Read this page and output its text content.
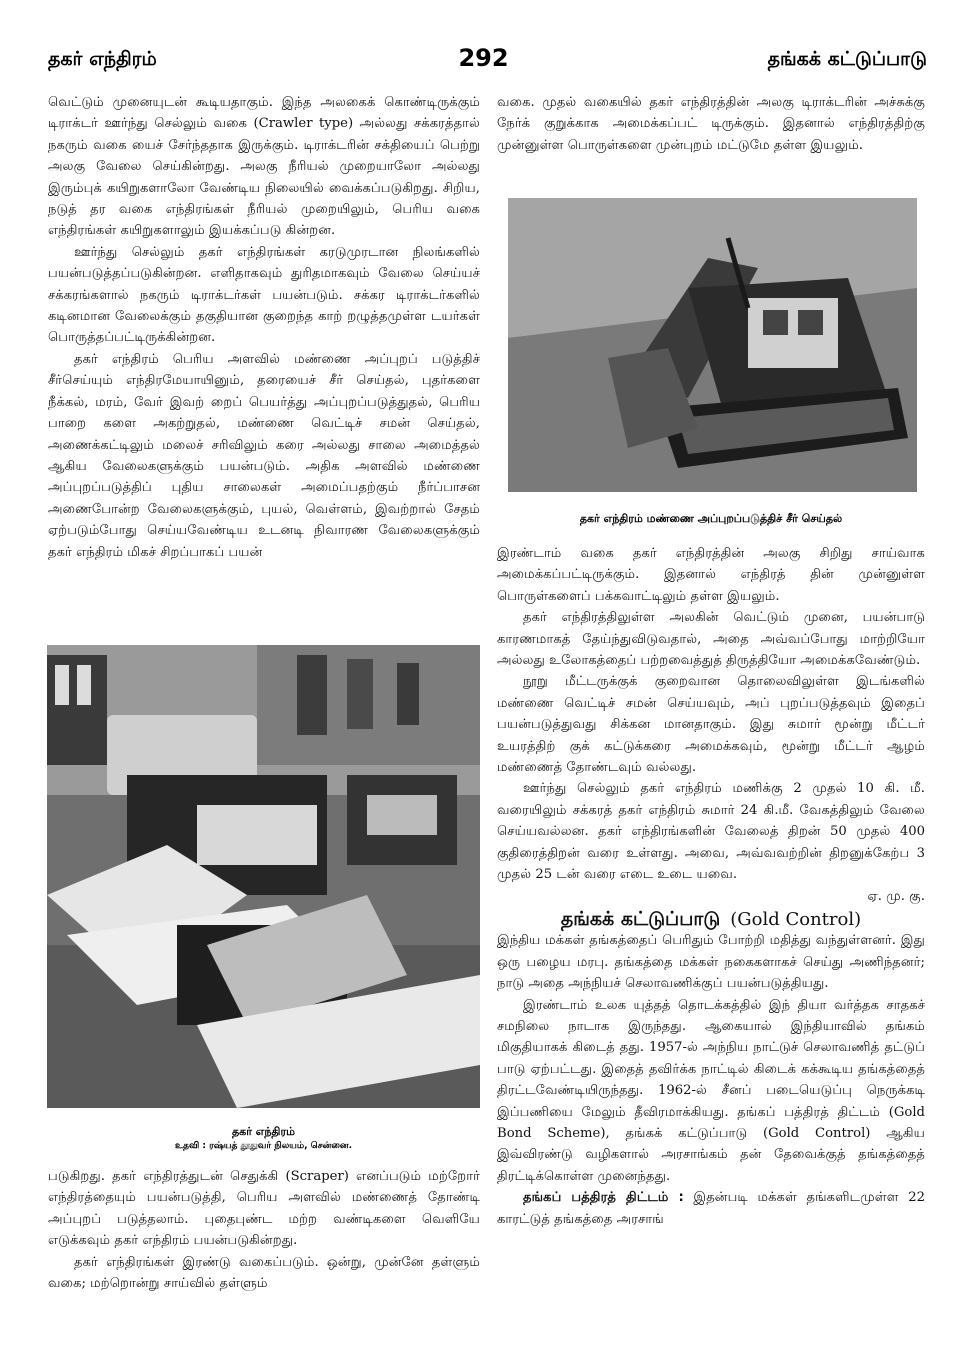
தகர் எந்திரம்	292	தங்கக் கட்டுப்பாடு

வெட்டும் முனையுடன் கூடியதாகும். இந்த அலகைக் கொண்டிருக்கும் டிராக்டர் ஊர்ந்து செல்லும் வகை (Crawler type) அல்லது சக்கரத்தால் நகரும் வகை யைச் சேர்ந்ததாக இருக்கும். டிராக்டரின் சக்தியைப் பெற்று அலகு வேலை செய்கின்றது. அலகு நீரியல் முறையாலோ அல்லது இரும்புக் கயிறுகளாலோ வேண்டிய நிலையில் வைக்கப்படுகிறது. சிறிய, நடுத் தர வகை எந்திரங்கள் நீரியல் முறையிலும், பெரிய வகை எந்திரங்கள் கயிறுகளாலும் இயக்கப்படு கின்றன.

ஊர்ந்து செல்லும் தகர் எந்திரங்கள் கரடுமுரடான நிலங்களில் பயன்படுத்தப்படுகின்றன. எளிதாகவும் துரிதமாகவும் வேலை செய்யச் சக்கரங்களால் நகரும் டிராக்டர்கள் பயன்படும். சக்கர டிராக்டர்களில் கடினமான வேலைக்கும் தகுதியான குறைந்த காற் றழுத்தமுள்ள டயர்கள் பொருத்தப்பட்டிருக்கின்றன.

தகர் எந்திரம் பெரிய அளவில் மண்ணை அப்புறப் படுத்திச் சீர்செய்யும் எந்திரமேயாயினும், தரையைச் சீர் செய்தல், புதர்களை நீக்கல், மரம், வேர் இவற் றைப் பெயர்த்து அப்புறப்படுத்துதல், பெரிய பாறை களை அகற்றுதல், மண்ணை வெட்டிச் சமன் செய்தல், அணைக்கட்டிலும் மலைச் சரிவிலும் கரை அல்லது சாலை அமைத்தல் ஆகிய வேலைகளுக்கும் பயன்படும். அதிக அளவில் மண்ணை அப்புறப்படுத்திப் புதிய சாலைகள் அமைப்பதற்கும் நீர்ப்பாசன அணைபோன்ற வேலைகளுக்கும், புயல், வெள்ளம், இவற்றால் சேதம் ஏற்படும்போது செய்யவேண்டிய உடனடி நிவாரண வேலைகளுக்கும் தகர் எந்திரம் மிகச் சிறப்பாகப் பயன்

தகர் எந்திரம்
உதவி : ரஷ்யத் தூதுவர் நிலயம், சென்னை.

படுகிறது. தகர் எந்திரத்துடன் செதுக்கி (Scraper) எனப்படும் மற்றோர் எந்திரத்தையும் பயன்படுத்தி, பெரிய அளவில் மண்ணைத் தோண்டி அப்புறப் படுத்தலாம். புதைபுண்ட மற்ற வண்டிகளை வெளியே எடுக்கவும் தகர் எந்திரம் பயன்படுகின்றது.

தகர் எந்திரங்கள் இரண்டு வகைப்படும். ஒன்று, முன்னே தள்ளும் வகை; மற்றொன்று சாய்வில் தள்ளும்

வகை. முதல் வகையில் தகர் எந்திரத்தின் அலகு டிராக்டரின் அச்சுக்கு நேர்க் குறுக்காக அமைக்கப்பட் டிருக்கும். இதனால் எந்திரத்திற்கு முன்னுள்ள பொருள்களை முன்புறம் மட்டுமே தள்ள இயலும்.

தகர் எந்திரம் மண்ணை அப்புறப்படுத்திச் சீர் செய்தல்

இரண்டாம் வகை தகர் எந்திரத்தின் அலகு சிறிது சாய்வாக அமைக்கப்பட்டிருக்கும். இதனால் எந்திரத் தின் முன்னுள்ள பொருள்களைப் பக்கவாட்டிலும் தள்ள இயலும்.

தகர் எந்திரத்திலுள்ள அலகின் வெட்டும் முனை, பயன்பாடு காரணமாகத் தேய்ந்துவிடுவதால், அதை அவ்வப்போது மாற்றியோ அல்லது உலோகத்தைப் பற்றவைத்துத் திருத்தியோ அமைக்கவேண்டும்.

நூறு மீட்டருக்குக் குறைவான தொலைவிலுள்ள இடங்களில் மண்ணை வெட்டிச் சமன் செய்யவும், அப் புறப்படுத்தவும் இதைப் பயன்படுத்துவது சிக்கன மானதாகும். இது சுமார் மூன்று மீட்டர் உயரத்திற் குக் கட்டுக்கரை அமைக்கவும், மூன்று மீட்டர் ஆழம் மண்ணைத் தோண்டவும் வல்லது.

ஊர்ந்து செல்லும் தகர் எந்திரம் மணிக்கு 2 முதல் 10 கி. மீ. வரையிலும் சக்கரத் தகர் எந்திரம் சுமார் 24 கி.மீ. வேகத்திலும் வேலை செய்யவல்லன. தகர் எந்திரங்களின் வேலைத் திறன் 50 முதல் 400 குதிரைத்திறன் வரை உள்ளது. அவை, அவ்வவற்றின் திறனுக்கேற்ப 3 முதல் 25 டன் வரை எடை உடை யவை.

ஏ. மு. கு.

தங்கக் கட்டுப்பாடு (Gold Control)

இந்திய மக்கள் தங்கத்தைப் பெரிதும் போற்றி மதித்து வந்துள்ளனர். இது ஒரு பழைய மரபு. தங்கத்தை மக்கள் நகைகளாகச் செய்து அணிந்தனர்; நாடு அதை அந்நியச் செலாவணிக்குப் பயன்படுத்தியது.

இரண்டாம் உலக யுத்தத் தொடக்கத்தில் இந் தியா வர்த்தக சாதகச் சமநிலை நாடாக இருந்தது. ஆகையால் இந்தியாவில் தங்கம் மிகுதியாகக் கிடைத் தது. 1957-ல் அந்நிய நாட்டுச் செலாவணித் தட்டுப் பாடு ஏற்பட்டது. இதைத் தவிர்க்க நாட்டில் கிடைக் கக்கூடிய தங்கத்தைத் திரட்டவேண்டியிருந்தது. 1962-ல் சீனப் படையெடுப்பு நெருக்கடி இப்பணியை மேலும் தீவிரமாக்கியது. தங்கப் பத்திரத் திட்டம் (Gold Bond Scheme), தங்கக் கட்டுப்பாடு (Gold Control) ஆகிய இவ்விரண்டு வழிகளால் அரசாங்கம் தன் தேவைக்குத் தங்கத்தைத் திரட்டிக்கொள்ள முனைந்தது.

தங்கப் பத்திரத் திட்டம் : இதன்படி மக்கள் தங்களிடமுள்ள 22 காரட்டுத் தங்கத்தை அரசாங்
